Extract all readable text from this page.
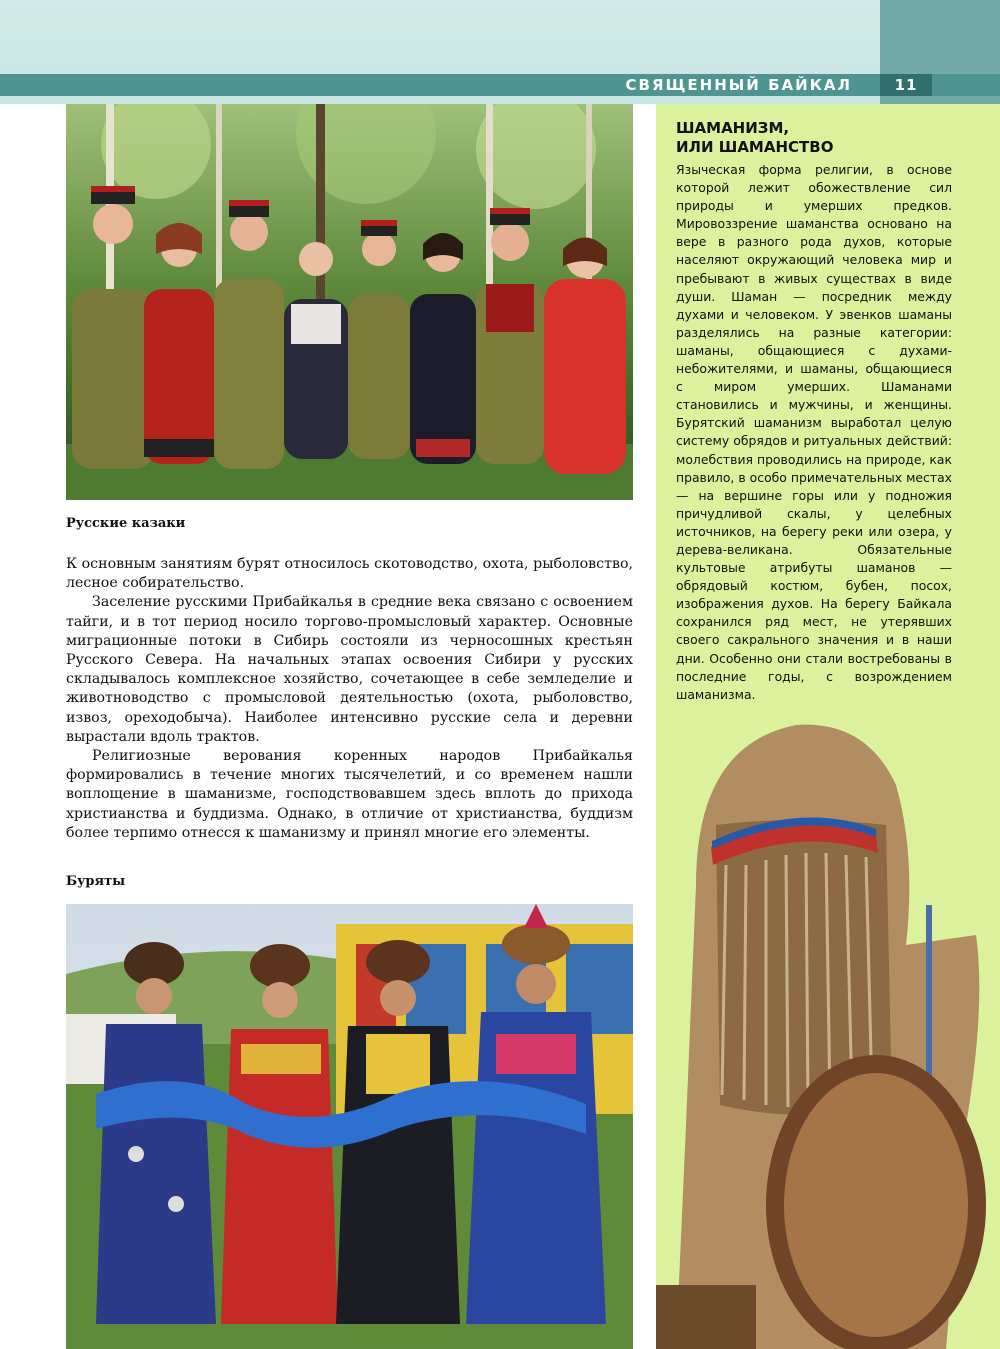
СВЯЩЕННЫЙ БАЙКАЛ	11
Русские казаки

К основным занятиям бурят относилось скотоводство, охота, рыболовство, лесное собирательство.

Заселение русскими Прибайкалья в средние века связано с освоением тайги, и в тот период носило торгово-промысловый характер. Основные миграционные потоки в Сибирь состояли из черносошных крестьян Русского Севера. На начальных этапах освоения Сибири у русских складывалось комплексное хозяйство, сочетающее в себе земледелие и животноводство с промысловой деятельностью (охота, рыболовство, извоз, ореходобыча). Наиболее интенсивно русские села и деревни вырастали вдоль трактов.

Религиозные верования коренных народов Прибайкалья формировались в течение многих тысячелетий, и со временем нашли воплощение в шаманизме, господствовавшем здесь вплоть до прихода христианства и буддизма. Однако, в отличие от христианства, буддизм более терпимо отнесся к шаманизму и принял многие его элементы.

Буряты
ШАМАНИЗМ,
ИЛИ ШАМАНСТВО
Языческая форма религии, в основе которой лежит обожествление сил природы и умерших предков. Мировоззрение шаманства основано на вере в разного рода духов, которые населяют окружающий человека мир и пребывают в живых существах в виде души. Шаман — посредник между духами и человеком. У эвенков шаманы разделялись на разные категории: шаманы, общающиеся с духами-небожителями, и шаманы, общающиеся с миром умерших. Шаманами становились и мужчины, и женщины. Бурятский шаманизм выработал целую систему обрядов и ритуальных действий: молебствия проводились на природе, как правило, в особо примечательных местах — на вершине горы или у подножия причудливой скалы, у целебных источников, на берегу реки или озера, у дерева-великана. Обязательные культовые атрибуты шаманов — обрядовый костюм, бубен, посох, изображения духов. На берегу Байкала сохранился ряд мест, не утерявших своего сакрального значения и в наши дни. Особенно они стали востребованы в последние годы, с возрождением шаманизма.
